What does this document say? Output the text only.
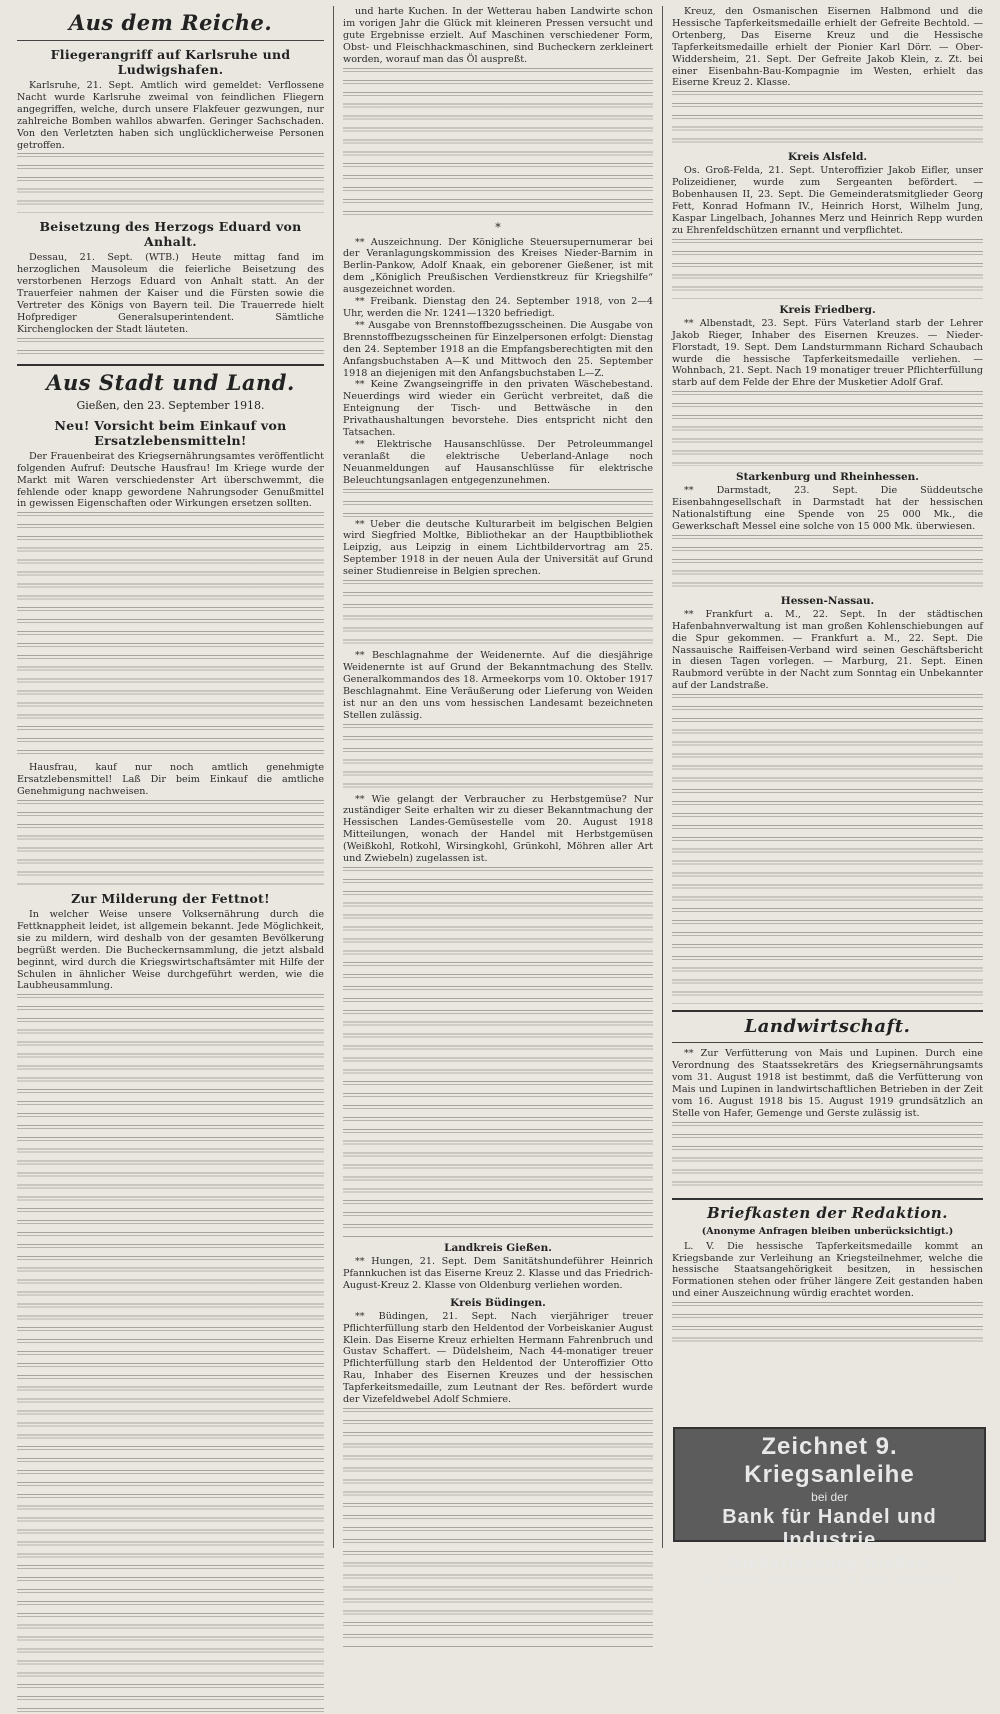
Aus dem Reiche.
Fliegerangriff auf Karlsruhe und Ludwigshafen.

Karlsruhe, 21. Sept. Amtlich wird gemeldet: Verflossene Nacht wurde Karlsruhe zweimal von feindlichen Fliegern angegriffen, welche, durch unsere Flakfeuer gezwungen, nur zahlreiche Bomben wahllos abwarfen. Geringer Sachschaden. Von den Verletzten haben sich unglücklicherweise Personen getroffen.

Beisetzung des Herzogs Eduard von Anhalt.

Dessau, 21. Sept. (WTB.) Heute mittag fand im herzoglichen Mausoleum die feierliche Beisetzung des verstorbenen Herzogs Eduard von Anhalt statt. An der Trauerfeier nahmen der Kaiser und die Fürsten sowie die Vertreter des Königs von Bayern teil. Die Trauerrede hielt Hofprediger Generalsuperintendent. Sämtliche Kirchenglocken der Stadt läuteten.

Aus Stadt und Land.
Gießen, den 23. September 1918.
Neu! Vorsicht beim Einkauf von Ersatzlebensmitteln!

Der Frauenbeirat des Kriegsernährungsamtes veröffentlicht folgenden Aufruf: Deutsche Hausfrau! Im Kriege wurde der Markt mit Waren verschiedenster Art überschwemmt, die fehlende oder knapp gewordene Nahrungsoder Genußmittel in gewissen Eigenschaften oder Wirkungen ersetzen sollten.

Hausfrau, kauf nur noch amtlich genehmigte Ersatzlebensmittel! Laß Dir beim Einkauf die amtliche Genehmigung nachweisen.

Zur Milderung der Fettnot!

In welcher Weise unsere Volksernährung durch die Fettknappheit leidet, ist allgemein bekannt. Jede Möglichkeit, sie zu mildern, wird deshalb von der gesamten Bevölkerung begrüßt werden. Die Bucheckernsammlung, die jetzt alsbald beginnt, wird durch die Kriegswirtschaftsämter mit Hilfe der Schulen in ähnlicher Weise durchgeführt werden, wie die Laubheusammlung.

und harte Kuchen. In der Wetterau haben Landwirte schon im vorigen Jahr die Glück mit kleineren Pressen versucht und gute Ergebnisse erzielt. Auf Maschinen verschiedener Form, Obst- und Fleischhackmaschinen, sind Bucheckern zerkleinert worden, worauf man das Öl auspreßt.

*

** Auszeichnung. Der Königliche Steuersupernumerar bei der Veranlagungskommission des Kreises Nieder-Barnim in Berlin-Pankow, Adolf Knaak, ein geborener Gießener, ist mit dem „Königlich Preußischen Verdienstkreuz für Kriegshilfe“ ausgezeichnet worden.

** Freibank. Dienstag den 24. September 1918, von 2—4 Uhr, werden die Nr. 1241—1320 befriedigt.

** Ausgabe von Brennstoffbezugsscheinen. Die Ausgabe von Brennstoffbezugsscheinen für Einzelpersonen erfolgt: Dienstag den 24. September 1918 an die Empfangsberechtigten mit den Anfangsbuchstaben A—K und Mittwoch den 25. September 1918 an diejenigen mit den Anfangsbuchstaben L—Z.

** Keine Zwangseingriffe in den privaten Wäschebestand. Neuerdings wird wieder ein Gerücht verbreitet, daß die Enteignung der Tisch- und Bettwäsche in den Privathaushaltungen bevorstehe. Dies entspricht nicht den Tatsachen.

** Elektrische Hausanschlüsse. Der Petroleummangel veranlaßt die elektrische Ueberland-Anlage noch Neuanmeldungen auf Hausanschlüsse für elektrische Beleuchtungsanlagen entgegenzunehmen.

** Ueber die deutsche Kulturarbeit im belgischen Belgien wird Siegfried Moltke, Bibliothekar an der Hauptbibliothek Leipzig, aus Leipzig in einem Lichtbildervortrag am 25. September 1918 in der neuen Aula der Universität auf Grund seiner Studienreise in Belgien sprechen.

** Beschlagnahme der Weidenernte. Auf die diesjährige Weidenernte ist auf Grund der Bekanntmachung des Stellv. Generalkommandos des 18. Armeekorps vom 10. Oktober 1917 Beschlagnahmt. Eine Veräußerung oder Lieferung von Weiden ist nur an den uns vom hessischen Landesamt bezeichneten Stellen zulässig.

** Wie gelangt der Verbraucher zu Herbstgemüse? Nur zuständiger Seite erhalten wir zu dieser Bekanntmachung der Hessischen Landes-Gemüsestelle vom 20. August 1918 Mitteilungen, wonach der Handel mit Herbstgemüsen (Weißkohl, Rotkohl, Wirsingkohl, Grünkohl, Möhren aller Art und Zwiebeln) zugelassen ist.

Landkreis Gießen.

** Hungen, 21. Sept. Dem Sanitätshundeführer Heinrich Pfannkuchen ist das Eiserne Kreuz 2. Klasse und das Friedrich-August-Kreuz 2. Klasse von Oldenburg verliehen worden.

Kreis Büdingen.

** Büdingen, 21. Sept. Nach vierjähriger treuer Pflichterfüllung starb den Heldentod der Vorbeiskanier August Klein. Das Eiserne Kreuz erhielten Hermann Fahrenbruch und Gustav Schaffert. — Düdelsheim, Nach 44-monatiger treuer Pflichterfüllung starb den Heldentod der Unteroffizier Otto Rau, Inhaber des Eisernen Kreuzes und der hessischen Tapferkeitsmedaille, zum Leutnant der Res. befördert wurde der Vizefeldwebel Adolf Schmiere.

Kreuz, den Osmanischen Eisernen Halbmond und die Hessische Tapferkeitsmedaille erhielt der Gefreite Bechtold. — Ortenberg, Das Eiserne Kreuz und die Hessische Tapferkeitsmedaille erhielt der Pionier Karl Dörr. — Ober-Widdersheim, 21. Sept. Der Gefreite Jakob Klein, z. Zt. bei einer Eisenbahn-Bau-Kompagnie im Westen, erhielt das Eiserne Kreuz 2. Klasse.

Kreis Alsfeld.

Os. Groß-Felda, 21. Sept. Unteroffizier Jakob Eifler, unser Polizeidiener, wurde zum Sergeanten befördert. — Bobenhausen II, 23. Sept. Die Gemeinderatsmitglieder Georg Fett, Konrad Hofmann IV., Heinrich Horst, Wilhelm Jung, Kaspar Lingelbach, Johannes Merz und Heinrich Repp wurden zu Ehrenfeldschützen ernannt und verpflichtet.

Kreis Friedberg.

** Albenstadt, 23. Sept. Fürs Vaterland starb der Lehrer Jakob Rieger, Inhaber des Eisernen Kreuzes. — Nieder-Florstadt, 19. Sept. Dem Landsturmmann Richard Schaubach wurde die hessische Tapferkeitsmedaille verliehen. — Wohnbach, 21. Sept. Nach 19 monatiger treuer Pflichterfüllung starb auf dem Felde der Ehre der Musketier Adolf Graf.

Starkenburg und Rheinhessen.

** Darmstadt, 23. Sept. Die Süddeutsche Eisenbahngesellschaft in Darmstadt hat der hessischen Nationalstiftung eine Spende von 25 000 Mk., die Gewerkschaft Messel eine solche von 15 000 Mk. überwiesen.

Hessen-Nassau.

** Frankfurt a. M., 22. Sept. In der städtischen Hafenbahnverwaltung ist man großen Kohlenschiebungen auf die Spur gekommen. — Frankfurt a. M., 22. Sept. Die Nassauische Raiffeisen-Verband wird seinen Geschäftsbericht in diesen Tagen vorlegen. — Marburg, 21. Sept. Einen Raubmord verübte in der Nacht zum Sonntag ein Unbekannter auf der Landstraße.

Landwirtschaft.

** Zur Verfütterung von Mais und Lupinen. Durch eine Verordnung des Staatssekretärs des Kriegsernährungsamts vom 31. August 1918 ist bestimmt, daß die Verfütterung von Mais und Lupinen in landwirtschaftlichen Betrieben in der Zeit vom 16. August 1918 bis 15. August 1919 grundsätzlich an Stelle von Hafer, Gemenge und Gerste zulässig ist.

Briefkasten der Redaktion.
(Anonyme Anfragen bleiben unberücksichtigt.)

L. V. Die hessische Tapferkeitsmedaille kommt an Kriegsbande zur Verleihung an Kriegsteilnehmer, welche die hessische Staatsangehörigkeit besitzen, in hessischen Formationen stehen oder früher längere Zeit gestanden haben und einer Auszeichnung würdig erachtet worden.

Zeichnet 9. Kriegsanleihe
bei der
Bank für Handel und Industrie
Niederlassung Gießen
in Gießen, Johannesstr. 1, Ecke Neuenweg
